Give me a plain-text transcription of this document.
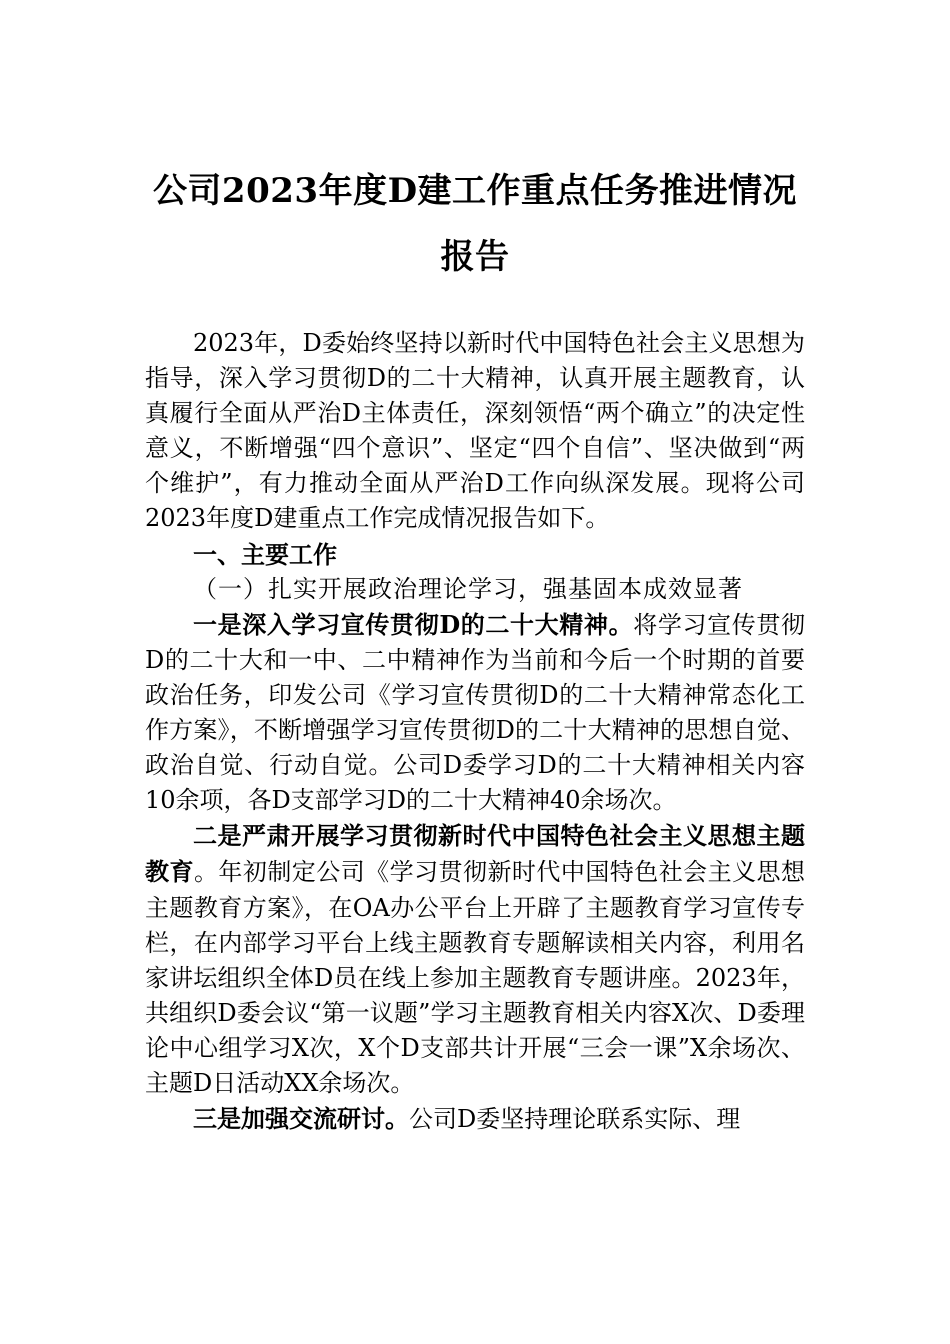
公司2023年度D建工作重点任务推进情况报告

2023年，D委始终坚持以新时代中国特色社会主义思想为指导，深入学习贯彻D的二十大精神，认真开展主题教育，认真履行全面从严治D主体责任，深刻领悟“两个确立”的决定性意义，不断增强“四个意识”、坚定“四个自信”、坚决做到“两个维护”，有力推动全面从严治D工作向纵深发展。现将公司2023年度D建重点工作完成情况报告如下。

一、主要工作

（一）扎实开展政治理论学习，强基固本成效显著

一是深入学习宣传贯彻D的二十大精神。将学习宣传贯彻D的二十大和一中、二中精神作为当前和今后一个时期的首要政治任务，印发公司《学习宣传贯彻D的二十大精神常态化工作方案》，不断增强学习宣传贯彻D的二十大精神的思想自觉、政治自觉、行动自觉。公司D委学习D的二十大精神相关内容10余项，各D支部学习D的二十大精神40余场次。

二是严肃开展学习贯彻新时代中国特色社会主义思想主题教育。年初制定公司《学习贯彻新时代中国特色社会主义思想主题教育方案》，在OA办公平台上开辟了主题教育学习宣传专栏，在内部学习平台上线主题教育专题解读相关内容，利用名家讲坛组织全体D员在线上参加主题教育专题讲座。2023年，共组织D委会议“第一议题”学习主题教育相关内容X次、D委理论中心组学习X次，X个D支部共计开展“三会一课”X余场次、主题D日活动XX余场次。

三是加强交流研讨。公司D委坚持理论联系实际、理
